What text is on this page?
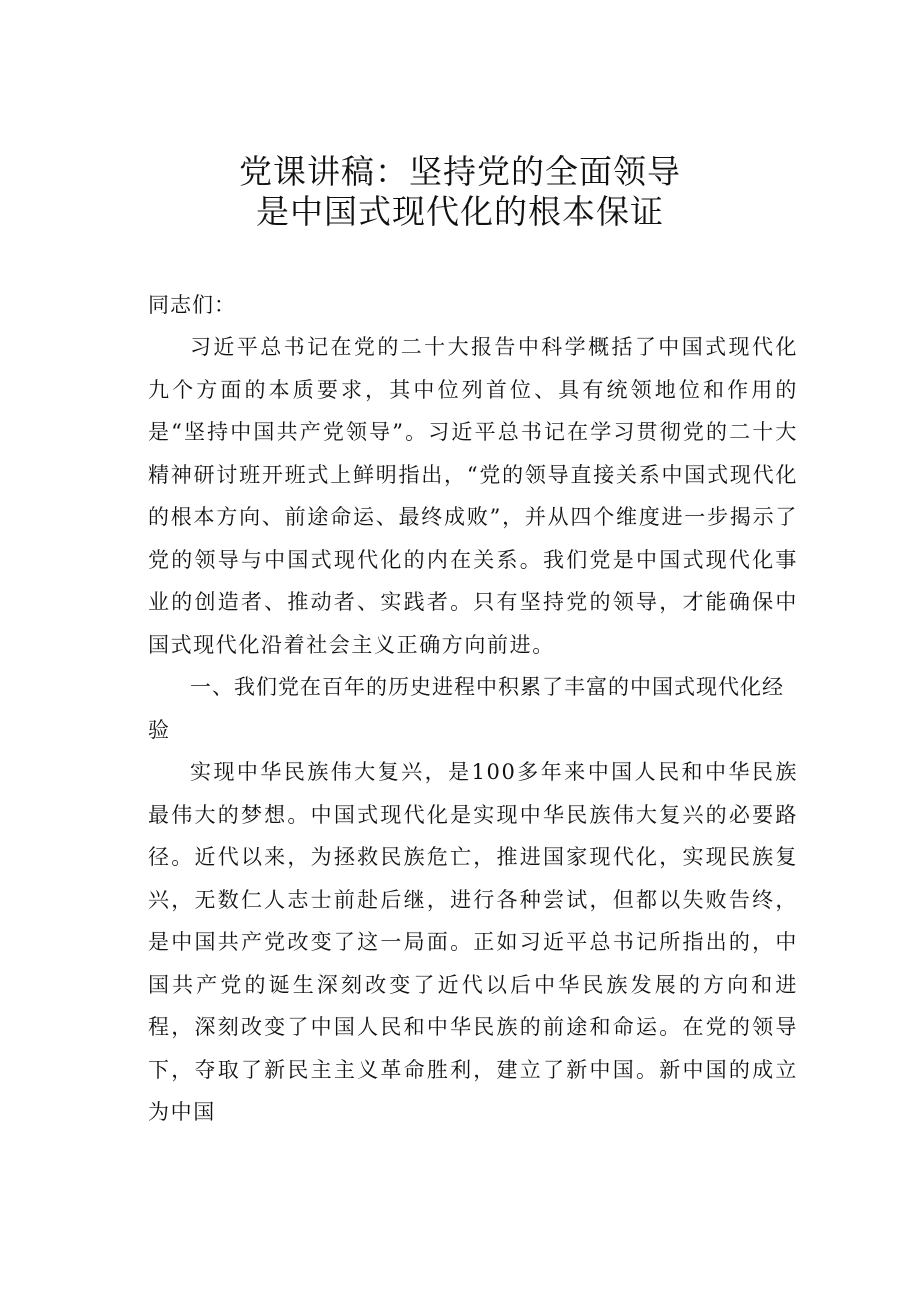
党课讲稿：坚持党的全面领导
是中国式现代化的根本保证

同志们：

习近平总书记在党的二十大报告中科学概括了中国式现代化九个方面的本质要求，其中位列首位、具有统领地位和作用的是“坚持中国共产党领导”。习近平总书记在学习贯彻党的二十大精神研讨班开班式上鲜明指出，“党的领导直接关系中国式现代化的根本方向、前途命运、最终成败”，并从四个维度进一步揭示了党的领导与中国式现代化的内在关系。我们党是中国式现代化事业的创造者、推动者、实践者。只有坚持党的领导，才能确保中国式现代化沿着社会主义正确方向前进。

一、我们党在百年的历史进程中积累了丰富的中国式现代化经验

实现中华民族伟大复兴，是100多年来中国人民和中华民族最伟大的梦想。中国式现代化是实现中华民族伟大复兴的必要路径。近代以来，为拯救民族危亡，推进国家现代化，实现民族复兴，无数仁人志士前赴后继，进行各种尝试，但都以失败告终，是中国共产党改变了这一局面。正如习近平总书记所指出的，中国共产党的诞生深刻改变了近代以后中华民族发展的方向和进程，深刻改变了中国人民和中华民族的前途和命运。在党的领导下，夺取了新民主主义革命胜利，建立了新中国。新中国的成立为中国
